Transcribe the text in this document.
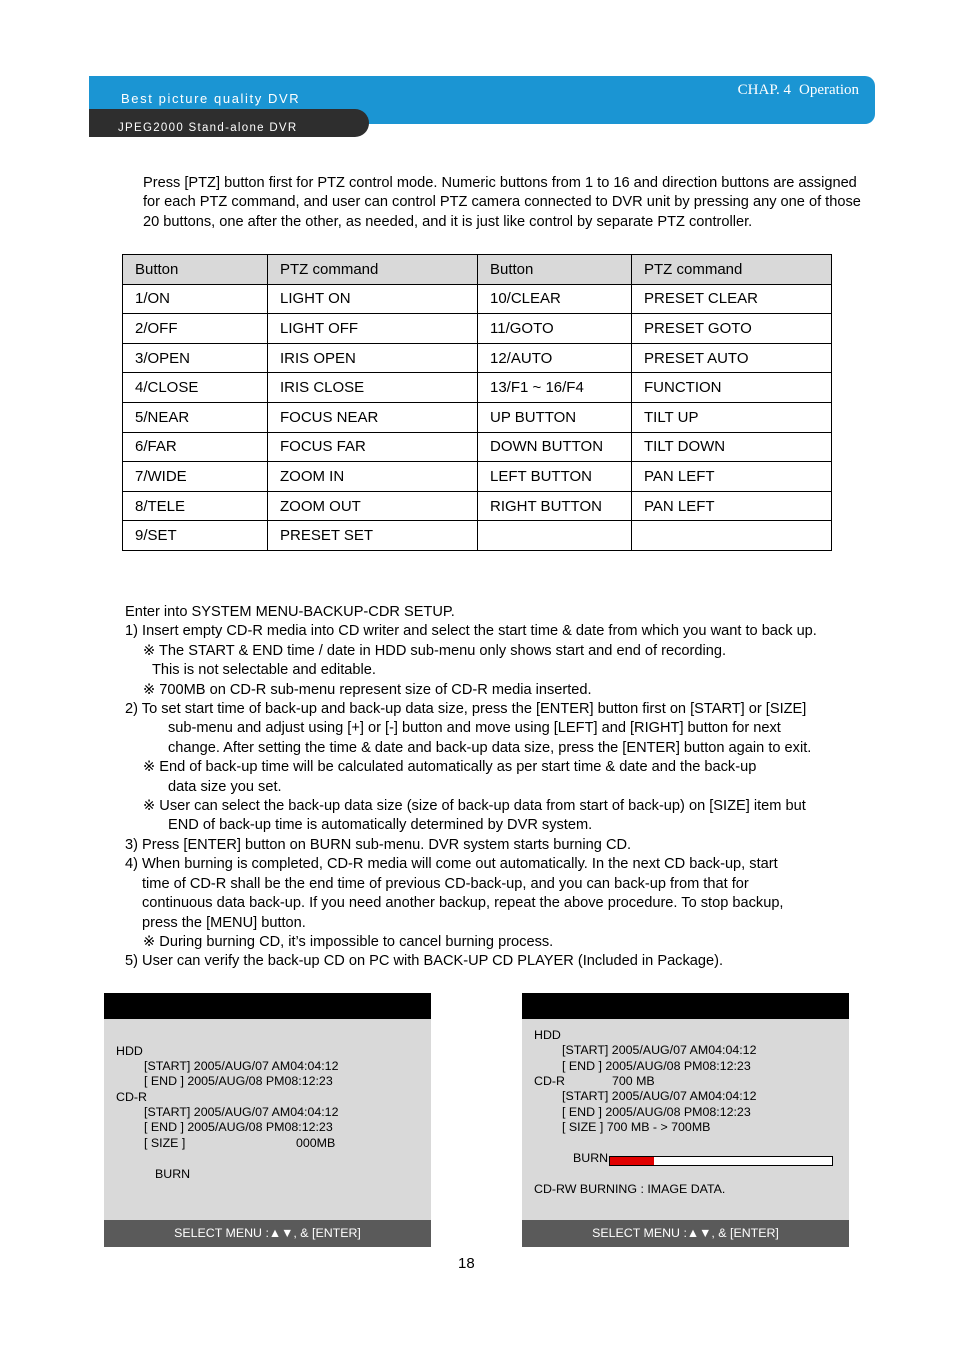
Best picture quality DVR
JPEG2000 Stand-alone DVR
CHAP. 4 Operation
Press [PTZ] button first for PTZ control mode. Numeric buttons from 1 to 16 and direction buttons are assigned for each PTZ command, and user can control PTZ camera connected to DVR unit by pressing any one of those 20 buttons, one after the other, as needed, and it is just like control by separate PTZ controller.
Button	PTZ command	Button	PTZ command
1/ON	LIGHT ON	10/CLEAR	PRESET CLEAR
2/OFF	LIGHT OFF	11/GOTO	PRESET GOTO
3/OPEN	IRIS OPEN	12/AUTO	PRESET AUTO
4/CLOSE	IRIS CLOSE	13/F1 ~ 16/F4	FUNCTION
5/NEAR	FOCUS NEAR	UP BUTTON	TILT UP
6/FAR	FOCUS FAR	DOWN BUTTON	TILT DOWN
7/WIDE	ZOOM IN	LEFT BUTTON	PAN LEFT
8/TELE	ZOOM OUT	RIGHT BUTTON	PAN LEFT
9/SET	PRESET SET		
Enter into SYSTEM MENU-BACKUP-CDR SETUP.
1) Insert empty CD-R media into CD writer and select the start time & date from which you want to back up.
※ The START & END time / date in HDD sub-menu only shows start and end of recording.
This is not selectable and editable.
※ 700MB on CD-R sub-menu represent size of CD-R media inserted.
2) To set start time of back-up and back-up data size, press the [ENTER] button first on [START] or [SIZE]
sub-menu and adjust using [+] or [-] button and move using [LEFT] and [RIGHT] button for next
change. After setting the time & date and back-up data size, press the [ENTER] button again to exit.
※ End of back-up time will be calculated automatically as per start time & date and the back-up
data size you set.
※ User can select the back-up data size (size of back-up data from start of back-up) on [SIZE] item but
END of back-up time is automatically determined by DVR system.
3) Press [ENTER] button on BURN sub-menu. DVR system starts burning CD.
4) When burning is completed, CD-R media will come out automatically. In the next CD back-up, start
time of CD-R shall be the end time of previous CD-back-up, and you can back-up from that for
continuous data back-up. If you need another backup, repeat the above procedure. To stop backup,
press the [MENU] button.
※ During burning CD, it’s impossible to cancel burning process.
5) User can verify the back-up CD on PC with BACK-UP CD PLAYER (Included in Package).
HDD
[START] 2005/AUG/07 AM04:04:12
[ END ] 2005/AUG/08 PM08:12:23
CD-R
[START] 2005/AUG/07 AM04:04:12
[ END ] 2005/AUG/08 PM08:12:23
[ SIZE ]	000MB
BURN
SELECT MENU :▲▼, & [ENTER]
HDD
[START] 2005/AUG/07 AM04:04:12
[ END ] 2005/AUG/08 PM08:12:23
CD-R	700 MB
[START] 2005/AUG/07 AM04:04:12
[ END ] 2005/AUG/08 PM08:12:23
[ SIZE ] 700 MB - > 700MB
BURN
CD-RW BURNING : IMAGE DATA.
SELECT MENU :▲▼, & [ENTER]
18
